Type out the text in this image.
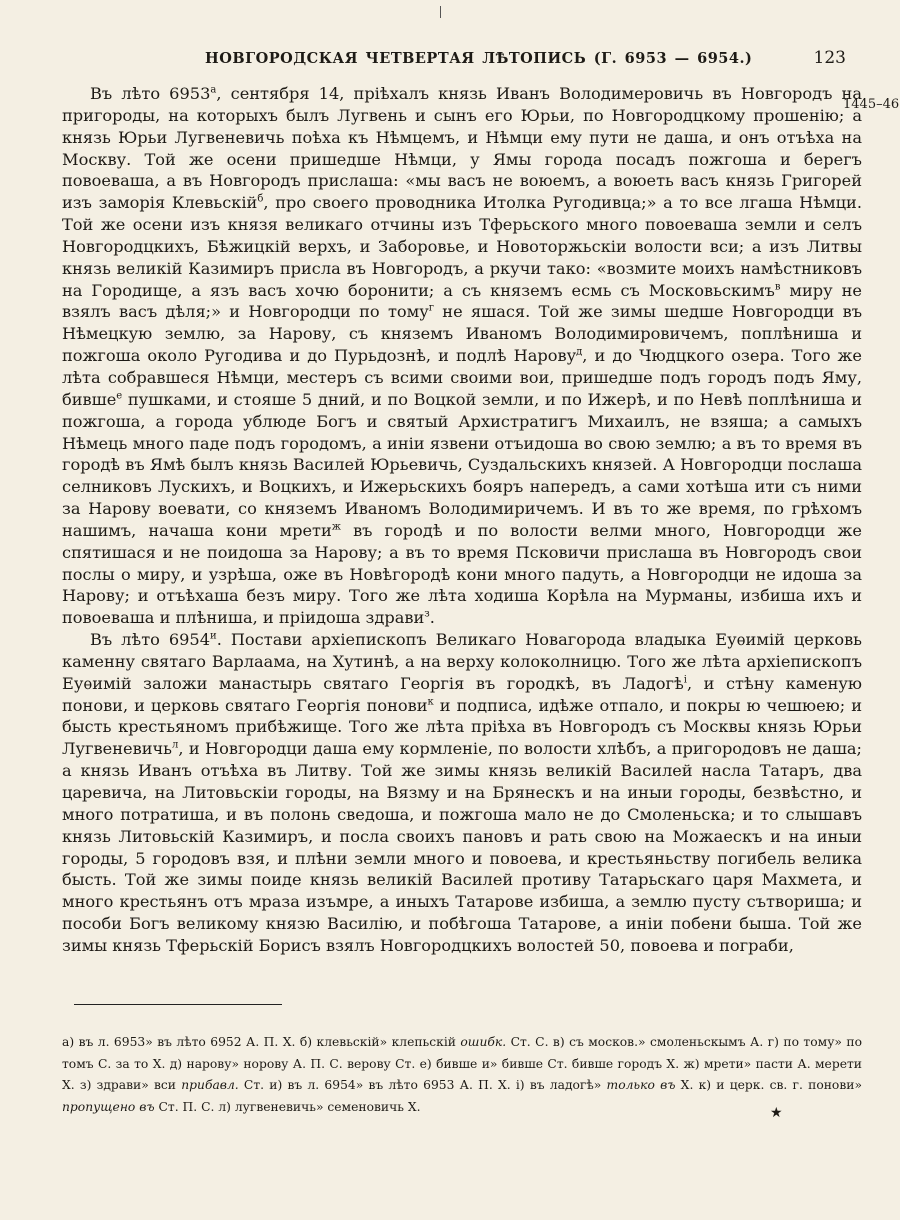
НОВГОРОДСКАЯ ЧЕТВЕРТАЯ ЛѢТОПИСЬ (Г. 6953 — 6954.)	123
1445–46

Въ лѣто $6953^а$, сентября 14, пріѣхалъ князь Иванъ Володимеровичь въ Новгородъ на пригороды, на которыхъ былъ Лугвень и сынъ его Юрьи, по Новгородцкому прошенію; а князь Юрьи Лугвеневичь поѣха къ Нѣмцемъ, и Нѣмци ему пути не даша, и онъ отъѣха на Москву. Той же осени пришедше Нѣмци, у Ямы города посадъ пожгоша и берегъ повоеваша, а въ Новгородъ прислаша: «мы васъ не воюемъ, а воюеть васъ князь Григорей изъ заморія Клевьскій$^б$, про своего проводника Итолка Ругодивца;» а то все лгаша Нѣмци. Той же осени изъ князя великаго отчины изъ Тферьского много повоеваша земли и селъ Новгородцкихъ, Бѣжицкій верхъ, и Заборовье, и Новоторжьскіи волости вси; а изъ Литвы князь великій Казимиръ присла въ Новгородъ, а ркучи тако: «возмите моихъ намѣстниковъ на Городище, а язъ васъ хочю боронити; а съ княземъ есмь съ Московьскимъ$^в$ миру не взялъ васъ дѣля;» и Новгородци по тому$^г$ не яшася. Той же зимы шедше Новгородци въ Нѣмецкую землю, за Нарову, съ княземъ Иваномъ Володимировичемъ, поплѣниша и пожгоша около Ругодива и до Пурьдознѣ, и подлѣ Нарову$^д$, и до Чюдцкого озера. Того же лѣта собравшеся Нѣмци, местеръ съ всими своими вои, пришедше подъ городъ подъ Яму, бивше$^е$ пушками, и стояше 5 дний, и по Воцкой земли, и по Ижерѣ, и по Невѣ поплѣниша и пожгоша, а города ублюде Богъ и святый Архистратигъ Михаилъ, не взяша; а самыхъ Нѣмець много паде подъ городомъ, а иніи язвени отъидоша во свою землю; а въ то время въ городѣ въ Ямѣ былъ князь Василей Юрьевичь, Суздальскихъ князей. А Новгородци послаша селниковъ Лускихъ, и Воцкихъ, и Ижерьскихъ бояръ напередъ, а сами хотѣша ити съ ними за Нарову воевати, со княземъ Иваномъ Володимиричемъ. И въ то же время, по грѣхомъ нашимъ, начаша кони мрети$^ж$ въ городѣ и по волости велми много, Новгородци же спятишася и не поидоша за Нарову; а въ то время Псковичи прислаша въ Новгородъ свои послы о миру, и узрѣша, оже въ Новѣгородѣ кони много падуть, а Новгородци не идоша за Нарову; и отъѣхаша безъ миру. Того же лѣта ходиша Корѣла на Мурманы, избиша ихъ и повоеваша и плѣниша, и пріидоша здрави$^з$.

Въ лѣто $6954^и$. Постави архіепископъ Великаго Новагорода владыка Еуѳимій церковь каменну святаго Варлаама, на Хутинѣ, а на верху колоколницю. Того же лѣта архіепископъ Еуѳимій заложи манастырь святаго Георгія въ городкѣ, въ Ладогѣ$^і$, и стѣну каменую понови, и церковь святаго Георгія понови$^к$ и подписа, идѣже отпало, и покры ю чешюею; и бысть крестьяномъ прибѣжище. Того же лѣта пріѣха въ Новгородъ съ Москвы князь Юрьи Лугвеневичь$^л$, и Новгородци даша ему кормленіе, по волости хлѣбъ, а пригородовъ не даша; а князь Иванъ отъѣха въ Литву. Той же зимы князь великій Василей насла Татаръ, два царевича, на Литовьскіи городы, на Вязму и на Брянескъ и на иныи городы, безвѣстно, и много потратиша, и въ полонь сведоша, и пожгоша мало не до Смоленьска; и то слышавъ князь Литовьскій Казимиръ, и посла своихъ пановъ и рать свою на Можаескъ и на иныи городы, 5 городовъ взя, и плѣни земли много и повоева, и крестьяньству погибель велика бысть. Той же зимы поиде князь великій Василей противу Татарьскаго царя Махмета, и много крестьянъ отъ мраза изъмре, а иныхъ Татарове избиша, а землю пусту сътвориша; и пособи Богъ великому князю Василію, и побѣгоша Татарове, а иніи побени быша. Той же зимы князь Тферьскій Борисъ взялъ Новгородцкихъ волостей 50, повоева и пограби,

а) въ л. 6953» въ лѣто 6952 А. П. Х. б) клевьскій» клепьскій ошибк. Ст. С. в) съ москов.» смоленьскымъ А. г) по тому» по томъ С. за то Х. д) нарову» норову А. П. С. верову Ст. е) бивше и» бивше Ст. бивше городъ Х. ж) мрети» пасти А. мерети Х. з) здрави» вси прибавл. Ст. и) въ л. 6954» въ лѣто 6953 А. П. Х. і) въ ладогѣ» только въ Х. к) и церк. св. г. понови» пропущено въ Ст. П. С. л) лугвеневичь» семеновичь Х.	★
